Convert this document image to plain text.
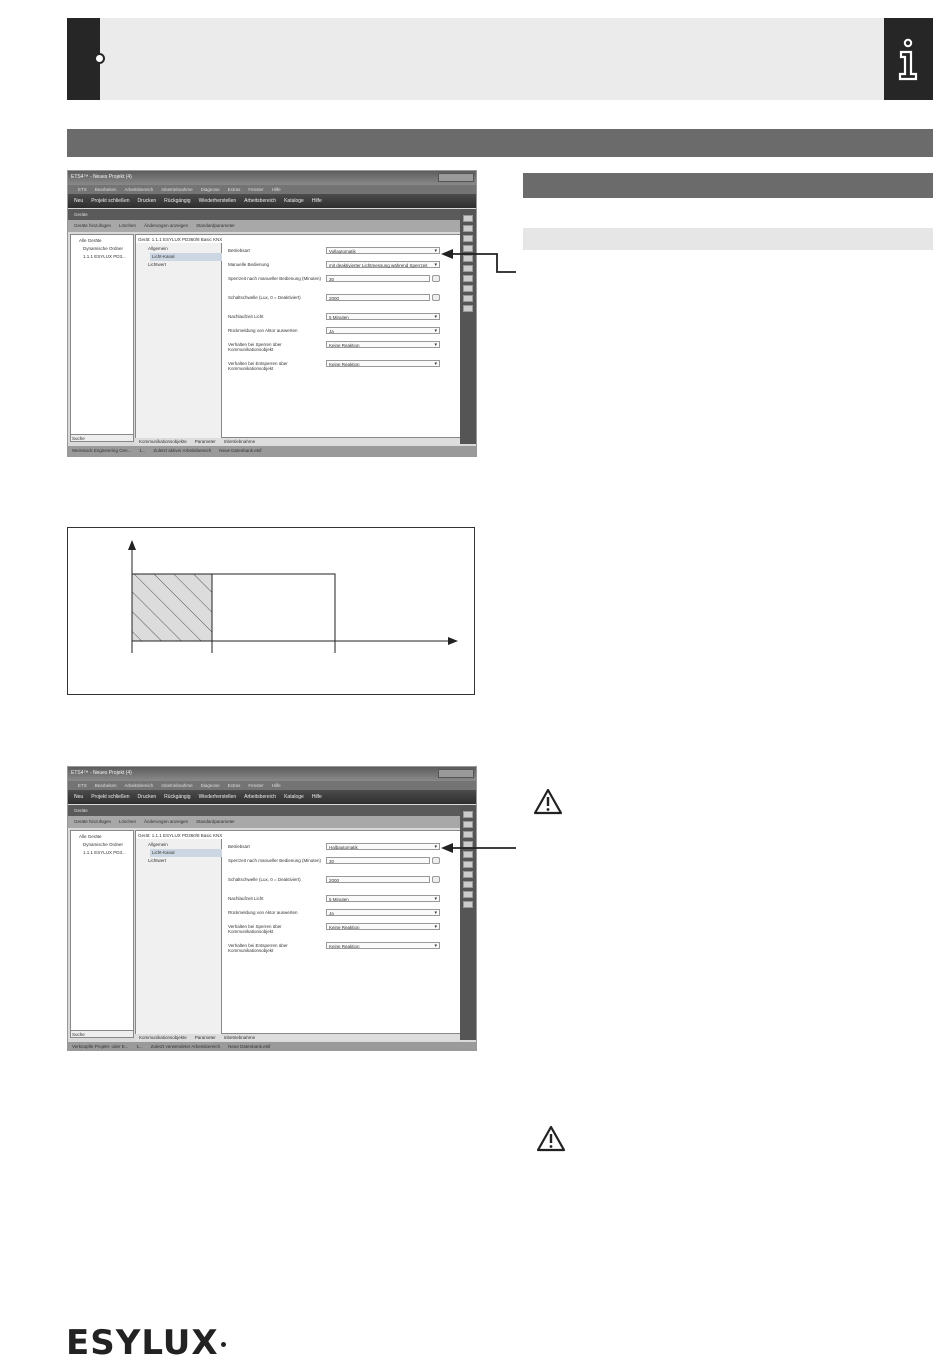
ETS4™ - Neues Projekt (4)
ETS Bearbeiten Arbeitsbereich Inbetriebnahme Diagnose Extras Fenster Hilfe
Neu Projekt schließen Drucken Rückgängig Wiederherstellen Arbeitsbereich Kataloge Hilfe
Geräte
Geräte hinzufügen Löschen Änderungen anzeigen Standardparameter
Alle Geräte
Dynamische Ordner
1.1.1 ESYLUX PD3...
Suche
Gerät: 1.1.1 ESYLUX PD360/8 Basic KNX
Allgemein
Licht-Kanal
Lichtwert
Betriebsart	Vollautomatik ▾
Manuelle Bedienung	mit deaktivierter Lichtmessung während Sperrzeit ▾
Sperrzeit nach manueller Bedienung (Minuten)	30
Schaltschwelle (Lux, 0 = Deaktiviert)	2000
Nachlaufzeit Licht	5 Minuten ▾
Rückmeldung von Aktor auswerten	Ja ▾
Verhalten bei Sperren über Kommunikationsobjekt
Keine Reaktion ▾
Verhalten bei Entsperren über Kommunikationsobjekt
Keine Reaktion ▾
Kommunikationsobjekte Parameter Inbetriebnahme
Weinstock Engineering Cen... 1... Zuletzt aktiver Arbeitsbereich Neue Datenbank.etsf
ETS4™ - Neues Projekt (4)
ETS Bearbeiten Arbeitsbereich Inbetriebnahme Diagnose Extras Fenster Hilfe
Neu Projekt schließen Drucken Rückgängig Wiederherstellen Arbeitsbereich Kataloge Hilfe
Geräte
Geräte hinzufügen Löschen Änderungen anzeigen Standardparameter
Alle Geräte
Dynamische Ordner
1.1.1 ESYLUX PD3...
Suche
Gerät: 1.1.1 ESYLUX PD360/8 Basic KNX
Allgemein
Licht-Kanal
Lichtwert
Betriebsart	Halbautomatik ▾
Sperrzeit nach manueller Bedienung (Minuten)	30
Schaltschwelle (Lux, 0 = Deaktiviert)	2000
Nachlaufzeit Licht	5 Minuten ▾
Rückmeldung von Aktor auswerten	Ja ▾
Verhalten bei Sperren über Kommunikationsobjekt
Keine Reaktion ▾
Verhalten bei Entsperren über Kommunikationsobjekt
Keine Reaktion ▾
Kommunikationsobjekte Parameter Inbetriebnahme
Verknüpfte Projekt- oder E... 1... Zuletzt verwendeter Arbeitsbereich Neue Datenbank.etsf
ESYLUX
